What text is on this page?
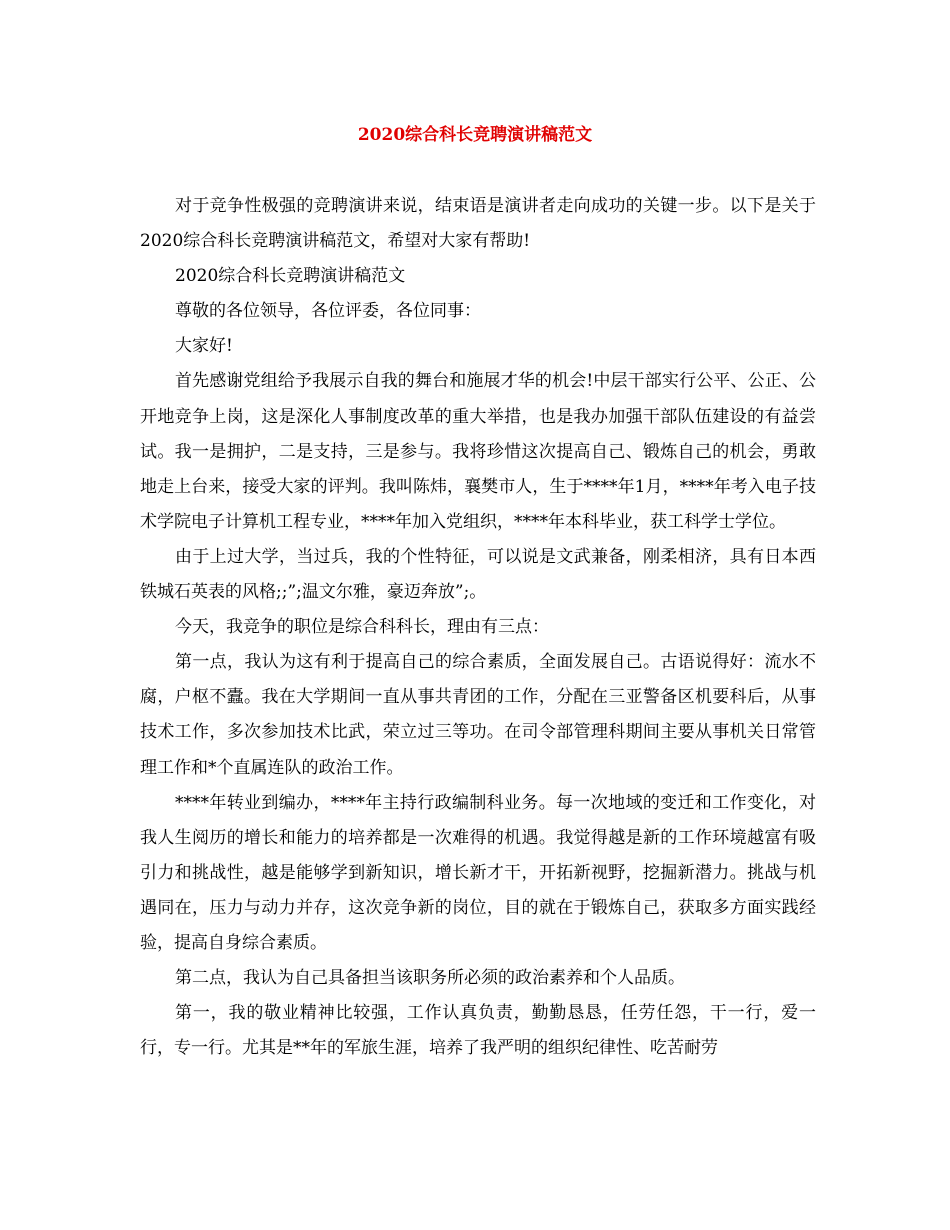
2020综合科长竞聘演讲稿范文

对于竞争性极强的竞聘演讲来说，结束语是演讲者走向成功的关键一步。以下是关于2020综合科长竞聘演讲稿范文，希望对大家有帮助!

2020综合科长竞聘演讲稿范文

尊敬的各位领导，各位评委，各位同事：

大家好!

首先感谢党组给予我展示自我的舞台和施展才华的机会!中层干部实行公平、公正、公开地竞争上岗，这是深化人事制度改革的重大举措，也是我办加强干部队伍建设的有益尝试。我一是拥护，二是支持，三是参与。我将珍惜这次提高自己、锻炼自己的机会，勇敢地走上台来，接受大家的评判。我叫陈炜，襄樊市人，生于****年1月，****年考入电子技术学院电子计算机工程专业，****年加入党组织，****年本科毕业，获工科学士学位。

由于上过大学，当过兵，我的个性特征，可以说是文武兼备，刚柔相济，具有日本西铁城石英表的风格;;”;温文尔雅，豪迈奔放”;。

今天，我竞争的职位是综合科科长，理由有三点：

第一点，我认为这有利于提高自己的综合素质，全面发展自己。古语说得好：流水不腐，户枢不蠹。我在大学期间一直从事共青团的工作，分配在三亚警备区机要科后，从事技术工作，多次参加技术比武，荣立过三等功。在司令部管理科期间主要从事机关日常管理工作和*个直属连队的政治工作。

****年转业到编办，****年主持行政编制科业务。每一次地域的变迁和工作变化，对我人生阅历的增长和能力的培养都是一次难得的机遇。我觉得越是新的工作环境越富有吸引力和挑战性，越是能够学到新知识，增长新才干，开拓新视野，挖掘新潜力。挑战与机遇同在，压力与动力并存，这次竞争新的岗位，目的就在于锻炼自己，获取多方面实践经验，提高自身综合素质。

第二点，我认为自己具备担当该职务所必须的政治素养和个人品质。

第一，我的敬业精神比较强，工作认真负责，勤勤恳恳，任劳任怨，干一行，爱一行，专一行。尤其是**年的军旅生涯，培养了我严明的组织纪律性、吃苦耐劳
